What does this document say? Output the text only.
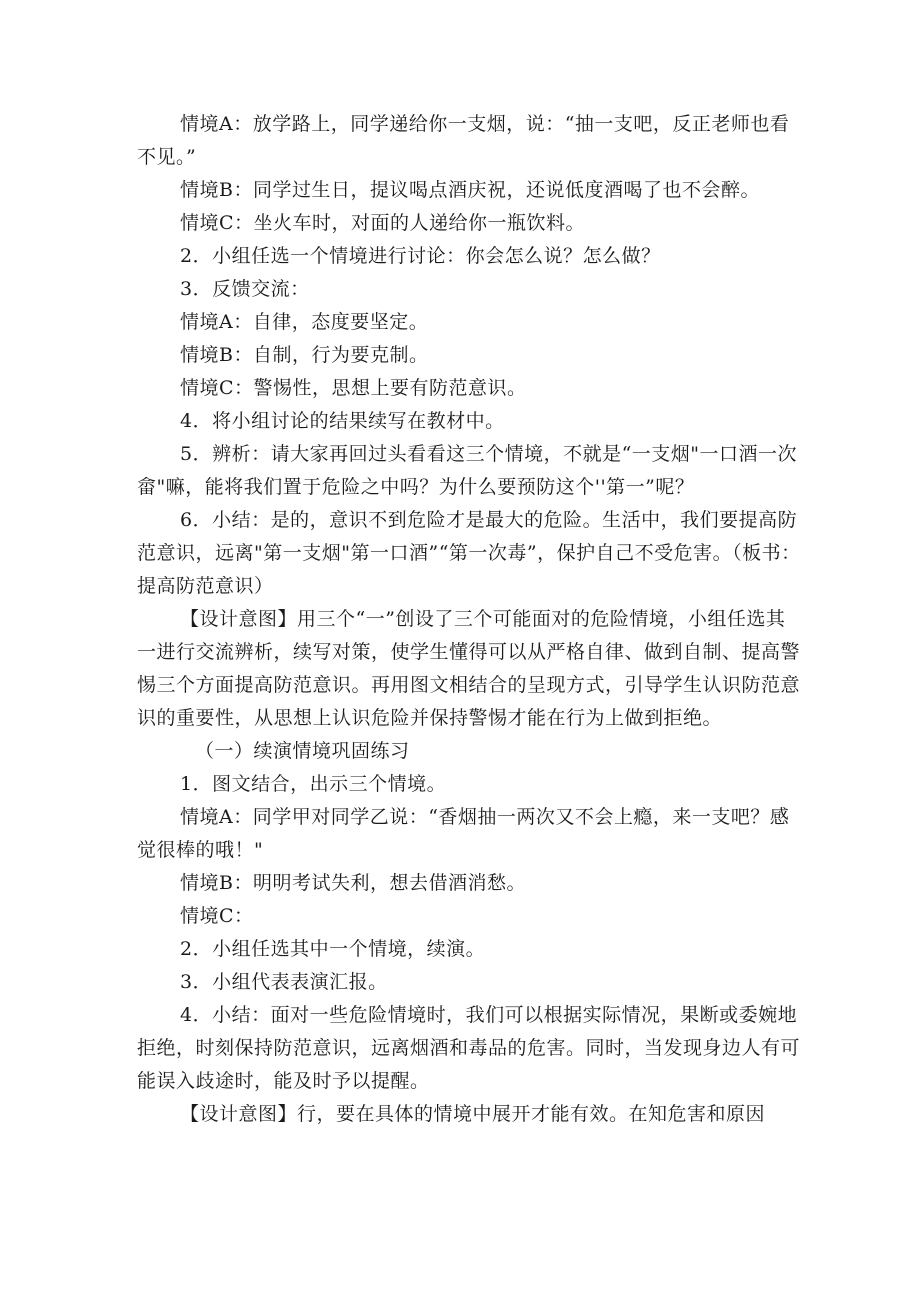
情境A：放学路上，同学递给你一支烟，说：“抽一支吧，反正老师也看不见。”

情境B：同学过生日，提议喝点酒庆祝，还说低度酒喝了也不会醉。

情境C：坐火车时，对面的人递给你一瓶饮料。

2．小组任选一个情境进行讨论：你会怎么说？怎么做？

3．反馈交流：

情境A：自律，态度要坚定。

情境B：自制，行为要克制。

情境C：警惕性，思想上要有防范意识。

4．将小组讨论的结果续写在教材中。

5．辨析：请大家再回过头看看这三个情境，不就是“一支烟"一口酒一次畲"嘛，能将我们置于危险之中吗？为什么要预防这个''第一”呢？

6．小结：是的，意识不到危险才是最大的危险。生活中，我们要提高防范意识，远离"第一支烟"第一口酒”“第一次毒”，保护自己不受危害。（板书：提高防范意识）

【设计意图】用三个“一”创设了三个可能面对的危险情境，小组任选其一进行交流辨析，续写对策，使学生懂得可以从严格自律、做到自制、提高警惕三个方面提高防范意识。再用图文相结合的呈现方式，引导学生认识防范意识的重要性，从思想上认识危险并保持警惕才能在行为上做到拒绝。

（一）续演情境巩固练习

1．图文结合，出示三个情境。

情境A：同学甲对同学乙说：“香烟抽一两次又不会上瘾，来一支吧？感觉很棒的哦！"

情境B：明明考试失利，想去借酒消愁。

情境C：

2．小组任选其中一个情境，续演。

3．小组代表表演汇报。

4．小结：面对一些危险情境时，我们可以根据实际情况，果断或委婉地拒绝，时刻保持防范意识，远离烟酒和毒品的危害。同时，当发现身边人有可能误入歧途时，能及时予以提醒。

【设计意图】行，要在具体的情境中展开才能有效。在知危害和原因
